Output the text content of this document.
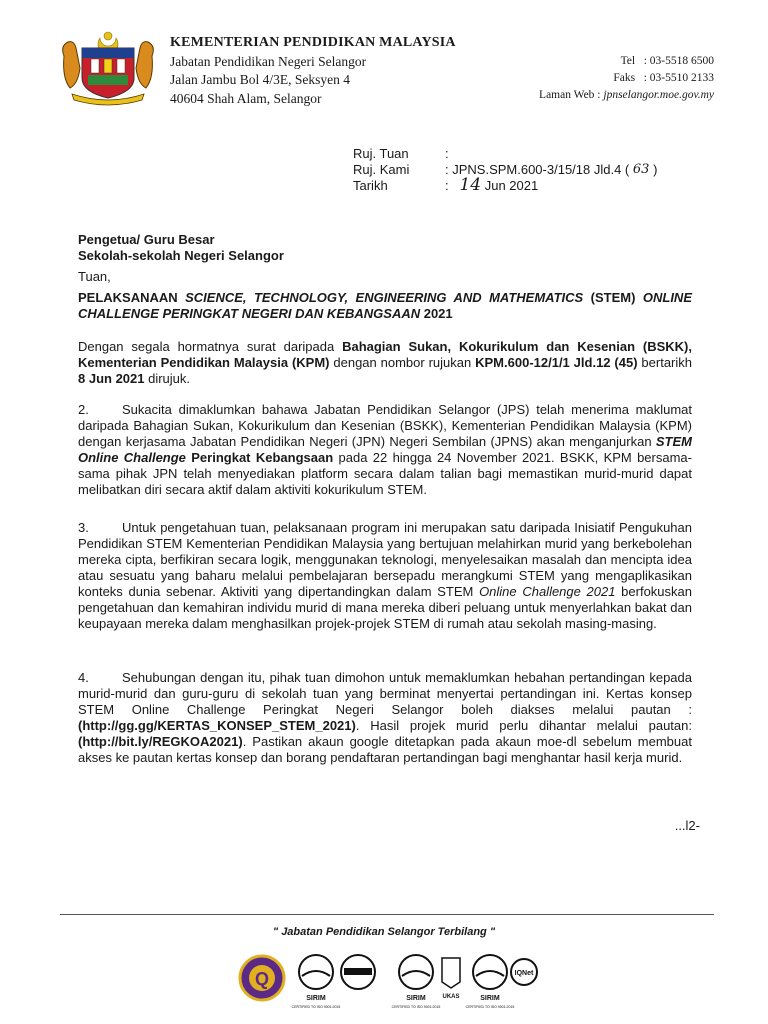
KEMENTERIAN PENDIDIKAN MALAYSIA
Jabatan Pendidikan Negeri Selangor
Jalan Jambu Bol 4/3E, Seksyen 4
40604 Shah Alam, Selangor
Tel : 03-5518 6500
Faks : 03-5510 2133
Laman Web : jpnselangor.moe.gov.my
Ruj. Tuan	:
Ruj. Kami	: JPNS.SPM.600-3/15/18 Jld.4 (
63
)
Tarikh	:
14
Jun 2021
Pengetua/ Guru Besar
Sekolah-sekolah Negeri Selangor
Tuan,
PELAKSANAAN SCIENCE, TECHNOLOGY, ENGINEERING AND MATHEMATICS (STEM) ONLINE CHALLENGE PERINGKAT NEGERI DAN KEBANGSAAN 2021
Dengan segala hormatnya surat daripada Bahagian Sukan, Kokurikulum dan Kesenian (BSKK), Kementerian Pendidikan Malaysia (KPM) dengan nombor rujukan KPM.600-12/1/1 Jld.12 (45) bertarikh 8 Jun 2021 dirujuk.
2.	Sukacita dimaklumkan bahawa Jabatan Pendidikan Selangor (JPS) telah menerima maklumat daripada Bahagian Sukan, Kokurikulum dan Kesenian (BSKK), Kementerian Pendidikan Malaysia (KPM) dengan kerjasama Jabatan Pendidikan Negeri (JPN) Negeri Sembilan (JPNS) akan menganjurkan STEM Online Challenge Peringkat Kebangsaan pada 22 hingga 24 November 2021. BSKK, KPM bersama-sama pihak JPN telah menyediakan platform secara dalam talian bagi memastikan murid-murid dapat melibatkan diri secara aktif dalam aktiviti kokurikulum STEM.
3.	Untuk pengetahuan tuan, pelaksanaan program ini merupakan satu daripada Inisiatif Pengukuhan Pendidikan STEM Kementerian Pendidikan Malaysia yang bertujuan melahirkan murid yang berkebolehan mereka cipta, berfikiran secara logik, menggunakan teknologi, menyelesaikan masalah dan mencipta idea atau sesuatu yang baharu melalui pembelajaran bersepadu merangkumi STEM yang mengaplikasikan konteks dunia sebenar. Aktiviti yang dipertandingkan dalam STEM Online Challenge 2021 berfokuskan pengetahuan dan kemahiran individu murid di mana mereka diberi peluang untuk menyerlahkan bakat dan keupayaan mereka dalam menghasilkan projek-projek STEM di rumah atau sekolah masing-masing.
4.	Sehubungan dengan itu, pihak tuan dimohon untuk memaklumkan hebahan pertandingan kepada murid-murid dan guru-guru di sekolah tuan yang berminat menyertai pertandingan ini. Kertas konsep STEM Online Challenge Peringkat Negeri Selangor boleh diakses melalui pautan : (http://gg.gg/KERTAS_KONSEP_STEM_2021). Hasil projek murid perlu dihantar melalui pautan: (http://bit.ly/REGKOA2021). Pastikan akaun google ditetapkan pada akaun moe-dl sebelum membuat akses ke pautan kertas konsep dan borang pendaftaran pertandingan bagi menghantar hasil kerja murid.
...l2-
" Jabatan Pendidikan Selangor Terbilang "
Q
SIRIM	SIRIM	UKAS	SIRIM
IQNet
CERTIFIED TO ISO 9001:2015	CERTIFIED TO ISO 9001:2015	CERTIFIED TO ISO 9001:2015
